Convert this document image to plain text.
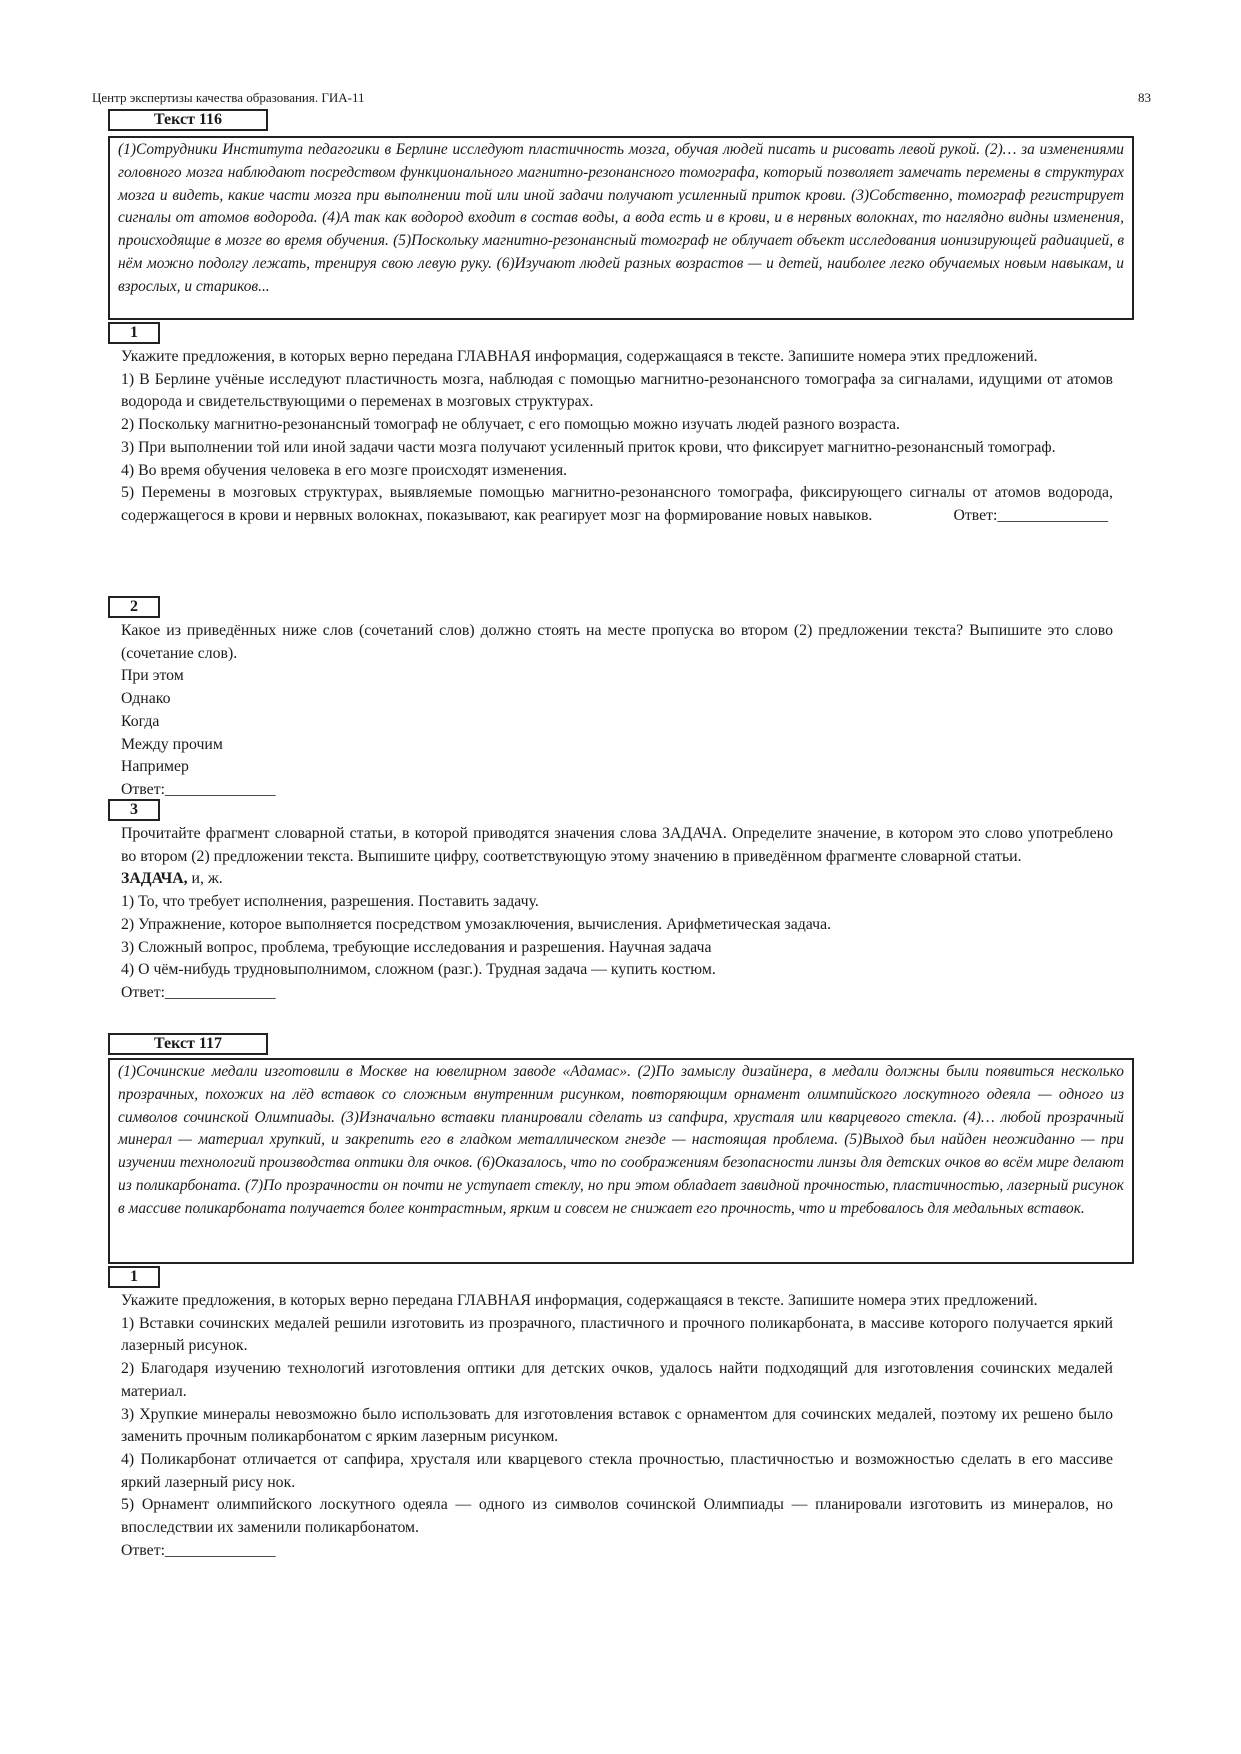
Центр экспертизы качества образования. ГИА-11	83
Текст 116
(1)Сотрудники Института педагогики в Берлине исследуют пластичность мозга, обучая людей писать и рисовать левой рукой. (2)… за изменениями головного мозга наблюдают посредством функционального магнитно-резонансного томографа, который позволяет замечать перемены в структурах мозга и видеть, какие части мозга при выполнении той или иной задачи получают усиленный приток крови. (3)Собственно, томограф регистрирует сигналы от атомов водорода. (4)А так как водород входит в состав воды, а вода есть и в крови, и в нервных волокнах, то наглядно видны изменения, происходящие в мозге во время обучения. (5)Поскольку магнитно-резонансный томограф не облучает объект исследования ионизирующей радиацией, в нём можно подолгу лежать, тренируя свою левую руку. (6)Изучают людей разных возрастов — и детей, наиболее легко обучаемых новым навыкам, и взрослых, и стариков...
1
Укажите предложения, в которых верно передана ГЛАВНАЯ информация, содержащаяся в тексте. Запишите номера этих предложений.
1) В Берлине учёные исследуют пластичность мозга, наблюдая с помощью магнитно-резонансного томографа за сигналами, идущими от атомов водорода и свидетельствующими о переменах в мозговых структурах.
2) Поскольку магнитно-резонансный томограф не облучает, с его помощью можно изучать людей разного возраста.
3) При выполнении той или иной задачи части мозга получают усиленный приток крови, что фиксирует магнитно-резонансный томограф.
4) Во время обучения человека в его мозге происходят изменения.
5) Перемены в мозговых структурах, выявляемые помощью магнитно-резонансного томографа, фиксирующего сигналы от атомов водорода, содержащегося в крови и нервных волокнах, показывают, как реагирует мозг на формирование новых навыков.	Ответ:______________
2
Какое из приведённых ниже слов (сочетаний слов) должно стоять на месте пропуска во втором (2) предложении текста? Выпишите это слово (сочетание слов).
При этом
Однако
Когда
Между прочим
Например
Ответ:______________
3
Прочитайте фрагмент словарной статьи, в которой приводятся значения слова ЗАДАЧА. Определите значение, в котором это слово употреблено во втором (2) предложении текста. Выпишите цифру, соответствующую этому значению в приведённом фрагменте словарной статьи.
ЗАДАЧА, и, ж.
1) То, что требует исполнения, разрешения. Поставить задачу.
2) Упражнение, которое выполняется посредством умозаключения, вычисления. Арифметическая задача.
3) Сложный вопрос, проблема, требующие исследования и разрешения. Научная задача
4) О чём-нибудь трудновыполнимом, сложном (разг.). Трудная задача — купить костюм.
Ответ:______________
Текст 117
(1)Сочинские медали изготовили в Москве на ювелирном заводе «Адамас». (2)По замыслу дизайнера, в медали должны были появиться несколько прозрачных, похожих на лёд вставок со сложным внутренним рисунком, повторяющим орнамент олимпийского лоскутного одеяла — одного из символов сочинской Олимпиады. (3)Изначально вставки планировали сделать из сапфира, хрусталя или кварцевого стекла. (4)… любой прозрачный минерал — материал хрупкий, и закрепить его в гладком металлическом гнезде — настоящая проблема. (5)Выход был найден неожиданно — при изучении технологий производства оптики для очков. (6)Оказалось, что по соображениям безопасности линзы для детских очков во всём мире делают из поликарбоната. (7)По прозрачности он почти не уступает стеклу, но при этом обладает завидной прочностью, пластичностью, лазерный рисунок в массиве поликарбоната получается более контрастным, ярким и совсем не снижает его прочность, что и требовалось для медальных вставок.
1
Укажите предложения, в которых верно передана ГЛАВНАЯ информация, содержащаяся в тексте. Запишите номера этих предложений.
1) Вставки сочинских медалей решили изготовить из прозрачного, пластичного и прочного поликарбоната, в массиве которого получается яркий лазерный рисунок.
2) Благодаря изучению технологий изготовления оптики для детских очков, удалось найти подходящий для изготовления сочинских медалей материал.
3) Хрупкие минералы невозможно было использовать для изготовления вставок с орнаментом для сочинских медалей, поэтому их решено было заменить прочным поликарбонатом с ярким лазерным рисунком.
4) Поликарбонат отличается от сапфира, хрусталя или кварцевого стекла прочностью, пластичностью и возможностью сделать в его массиве яркий лазерный рису нок.
5) Орнамент олимпийского лоскутного одеяла — одного из символов сочинской Олимпиады — планировали изготовить из минералов, но впоследствии их заменили поликарбонатом.
Ответ:______________
